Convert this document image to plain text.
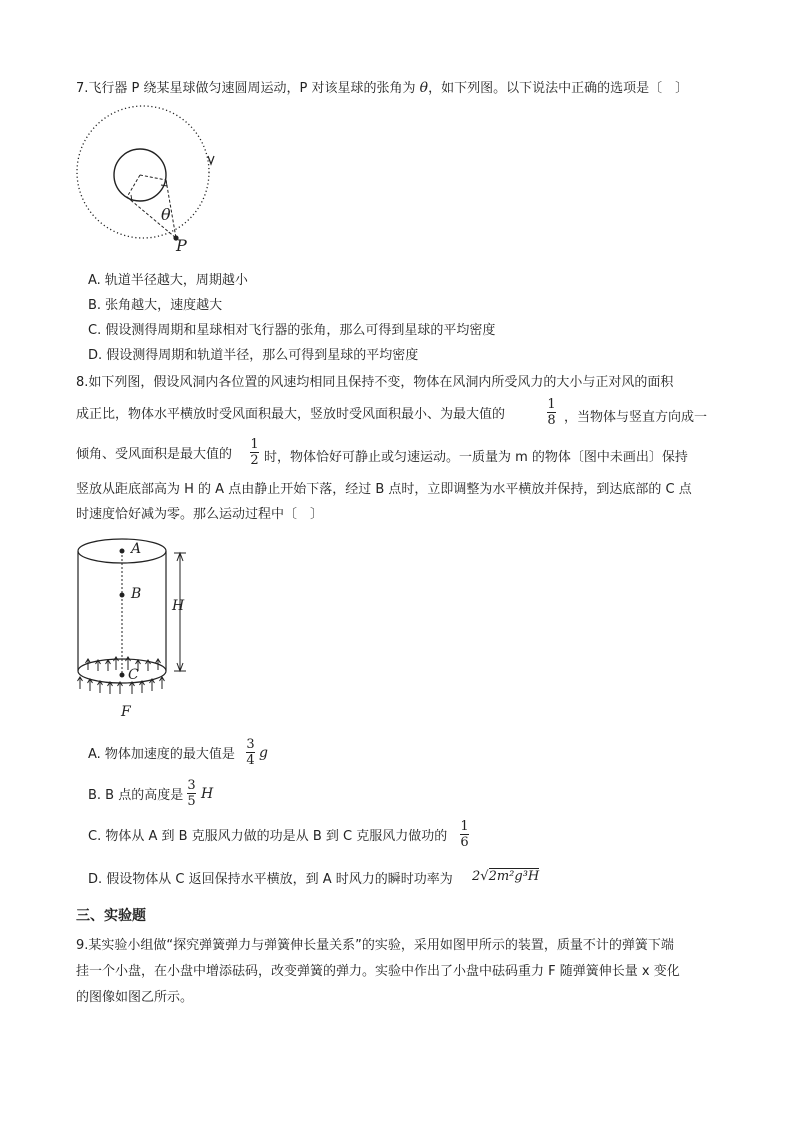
7.飞行器 P 绕某星球做匀速圆周运动，P 对该星球的张角为 θ，如下列图。以下说法中正确的选项是〔　〕
θ
P
A. 轨道半径越大，周期越小
B. 张角越大，速度越大
C. 假设测得周期和星球相对飞行器的张角，那么可得到星球的平均密度
D. 假设测得周期和轨道半径，那么可得到星球的平均密度
8.如下列图，假设风洞内各位置的风速均相同且保持不变，物体在风洞内所受风力的大小与正对风的面积
成正比，物体水平横放时受风面积最大，竖放时受风面积最小、为最大值的
1
8 ，当物体与竖直方向成一
倾角、受风面积是最大值的
1
2 时，物体恰好可静止或匀速运动。一质量为 m 的物体〔图中未画出〕保持
竖放从距底部高为 H 的 A 点由静止开始下落，经过 B 点时，立即调整为水平横放并保持，到达底部的 C 点
时速度恰好减为零。那么运动过程中〔　〕
A
B
C
H
F
A. 物体加速度的最大值是
3
4 g
B. B 点的高度是
3
5 H
C. 物体从 A 到 B 克服风力做的功是从 B 到 C 克服风力做功的
1
6
D. 假设物体从 C 返回保持水平横放，到 A 时风力的瞬时功率为 2√2m²g³H
三、实验题
9.某实验小组做“探究弹簧弹力与弹簧伸长量关系”的实验，采用如图甲所示的装置，质量不计的弹簧下端
挂一个小盘，在小盘中增添砝码，改变弹簧的弹力。实验中作出了小盘中砝码重力 F 随弹簧伸长量 x 变化
的图像如图乙所示。
